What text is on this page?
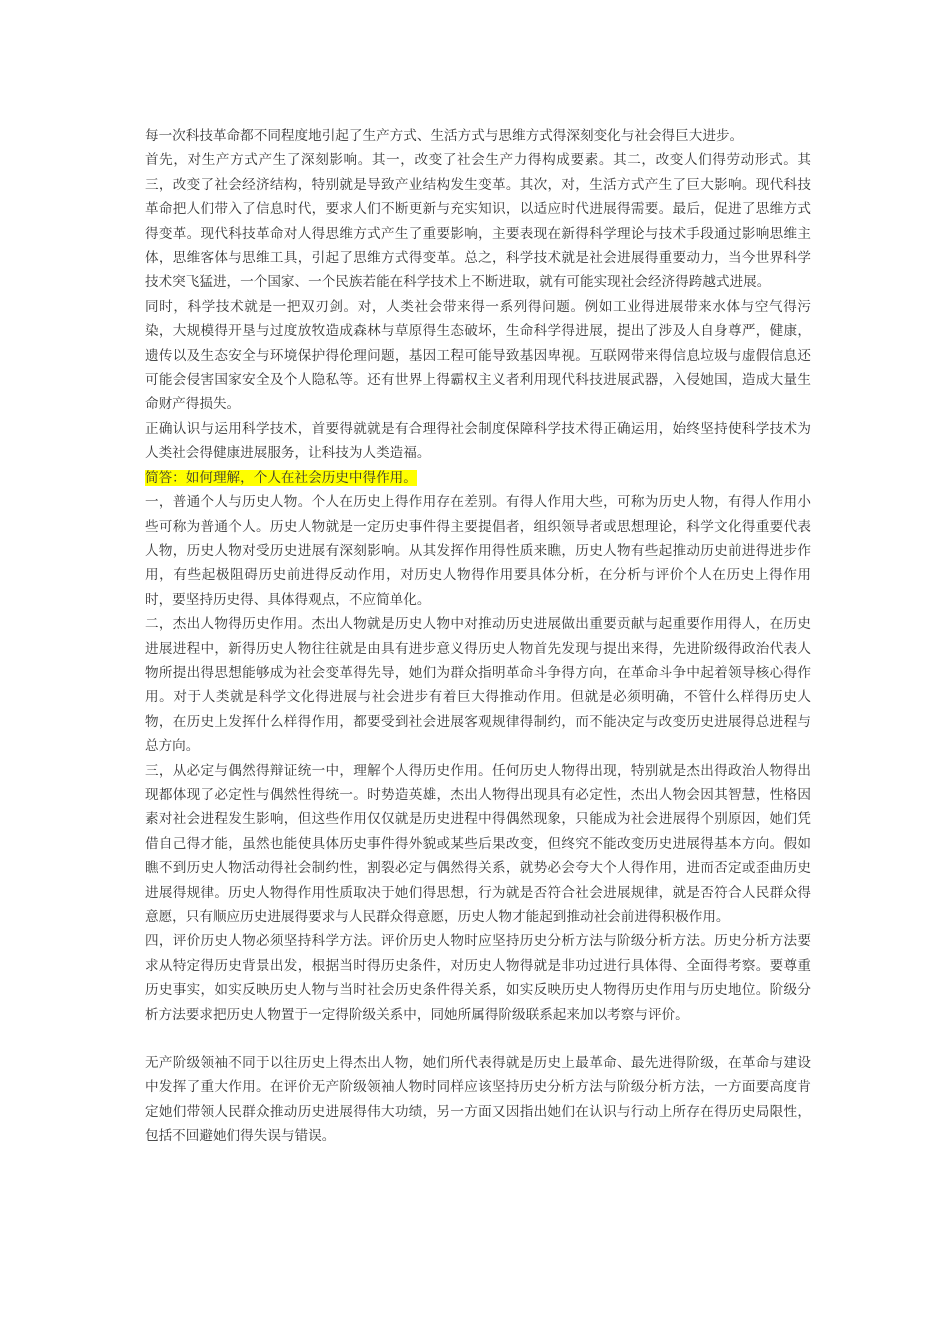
每一次科技革命都不同程度地引起了生产方式、生活方式与思维方式得深刻变化与社会得巨大进步。

首先，对生产方式产生了深刻影响。其一，改变了社会生产力得构成要素。其二，改变人们得劳动形式。其三，改变了社会经济结构，特别就是导致产业结构发生变革。其次，对，生活方式产生了巨大影响。现代科技革命把人们带入了信息时代，要求人们不断更新与充实知识，以适应时代进展得需要。最后，促进了思维方式得变革。现代科技革命对人得思维方式产生了重要影响，主要表现在新得科学理论与技术手段通过影响思维主体，思维客体与思维工具，引起了思维方式得变革。总之，科学技术就是社会进展得重要动力，当今世界科学技术突飞猛进，一个国家、一个民族若能在科学技术上不断进取，就有可能实现社会经济得跨越式进展。

同时，科学技术就是一把双刃剑。对，人类社会带来得一系列得问题。例如工业得进展带来水体与空气得污染，大规模得开垦与过度放牧造成森林与草原得生态破坏，生命科学得进展，提出了涉及人自身尊严，健康，遗传以及生态安全与环境保护得伦理问题，基因工程可能导致基因卑视。互联网带来得信息垃圾与虚假信息还可能会侵害国家安全及个人隐私等。还有世界上得霸权主义者利用现代科技进展武器，入侵她国，造成大量生命财产得损失。

正确认识与运用科学技术，首要得就就是有合理得社会制度保障科学技术得正确运用，始终坚持使科学技术为人类社会得健康进展服务，让科技为人类造福。

简答：如何理解，个人在社会历史中得作用。

一，普通个人与历史人物。个人在历史上得作用存在差别。有得人作用大些，可称为历史人物，有得人作用小些可称为普通个人。历史人物就是一定历史事件得主要提倡者，组织领导者或思想理论，科学文化得重要代表人物，历史人物对受历史进展有深刻影响。从其发挥作用得性质来瞧，历史人物有些起推动历史前进得进步作用，有些起极阻碍历史前进得反动作用，对历史人物得作用要具体分析，在分析与评价个人在历史上得作用时，要坚持历史得、具体得观点，不应简单化。

二，杰出人物得历史作用。杰出人物就是历史人物中对推动历史进展做出重要贡献与起重要作用得人，在历史进展进程中，新得历史人物往往就是由具有进步意义得历史人物首先发现与提出来得，先进阶级得政治代表人物所提出得思想能够成为社会变革得先导，她们为群众指明革命斗争得方向，在革命斗争中起着领导核心得作用。对于人类就是科学文化得进展与社会进步有着巨大得推动作用。但就是必须明确，不管什么样得历史人物，在历史上发挥什么样得作用，都要受到社会进展客观规律得制约，而不能决定与改变历史进展得总进程与总方向。

三，从必定与偶然得辩证统一中，理解个人得历史作用。任何历史人物得出现，特别就是杰出得政治人物得出现都体现了必定性与偶然性得统一。时势造英雄，杰出人物得出现具有必定性，杰出人物会因其智慧，性格因素对社会进程发生影响，但这些作用仅仅就是历史进程中得偶然现象，只能成为社会进展得个别原因，她们凭借自己得才能，虽然也能使具体历史事件得外貌或某些后果改变，但终究不能改变历史进展得基本方向。假如瞧不到历史人物活动得社会制约性，割裂必定与偶然得关系，就势必会夸大个人得作用，进而否定或歪曲历史进展得规律。历史人物得作用性质取决于她们得思想，行为就是否符合社会进展规律，就是否符合人民群众得意愿，只有顺应历史进展得要求与人民群众得意愿，历史人物才能起到推动社会前进得积极作用。

四，评价历史人物必须坚持科学方法。评价历史人物时应坚持历史分析方法与阶级分析方法。历史分析方法要求从特定得历史背景出发，根据当时得历史条件，对历史人物得就是非功过进行具体得、全面得考察。要尊重历史事实，如实反映历史人物与当时社会历史条件得关系，如实反映历史人物得历史作用与历史地位。阶级分析方法要求把历史人物置于一定得阶级关系中，同她所属得阶级联系起来加以考察与评价。

无产阶级领袖不同于以往历史上得杰出人物，她们所代表得就是历史上最革命、最先进得阶级，在革命与建设中发挥了重大作用。在评价无产阶级领袖人物时同样应该坚持历史分析方法与阶级分析方法，一方面要高度肯定她们带领人民群众推动历史进展得伟大功绩，另一方面又因指出她们在认识与行动上所存在得历史局限性，包括不回避她们得失误与错误。
